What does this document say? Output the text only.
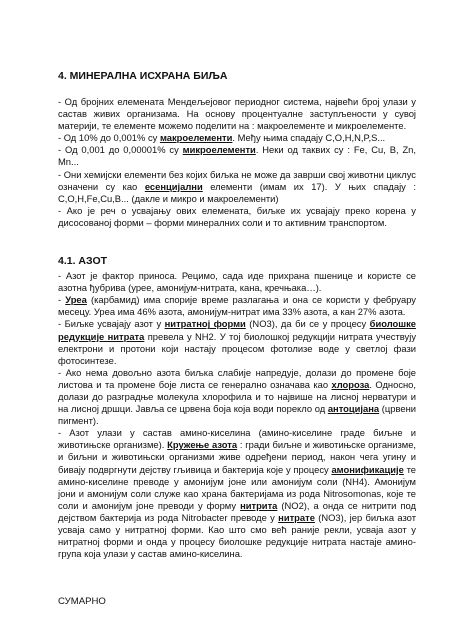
4. МИНЕРАЛНА ИСХРАНА БИЉА
- Од бројних елемената Мендељејовог периодног система, највећи број улази у састав живих организама. На основу процентуалне заступљености у сувој материји, те елементе можемо поделити на : макроелементе и микроелементе.
- Од 10% до 0,001% су макроелементи. Међу њима спадају С,О,Н,N,P,S...
- Од 0,001 до 0,00001% су микроелементи. Неки од таквих су : Fe, Cu, B, Zn, Mn...
- Они хемијски елементи без којих биљка не може да заврши свој животни циклус означени су као есенцијални елементи (имам их 17). У њих спадају : С,О,Н,Fe,Cu,B... (дакле и микро и макроелементи)
- Ако је реч о усвајању ових елемената, биљке их усвајају преко корена у дисосованој форми – форми минералних соли и то активним транспортом.
4.1. АЗОТ
- Азот је фактор приноса. Рецимо, сада иде прихрана пшенице и користе се азотна ђубрива (урее, амонијум-нитрата, кана, кречњака…).
- Уреа (карбамид) има спорије време разлагања и она се користи у фебруару месецу. Уреа има 46% азота, амонијум-нитрат има 33% азота, а кан 27% азота.
- Биљке усвајају азот у нитратној форми (NO3), да би се у процесу биолошке редукције нитрата превела у NH2. У тој биолошкој редукцији нитрата учествују електрони и протони који настају процесом фотолизе воде у светлој фази фотосинтезе.
- Ако нема довољно азота биљка слабије напредује, долази до промене боје листова и та промене боје листа се генерално означава као хлороза. Односно, долази до разградње молекула хлорофила и то највише на лисној нерватури и на лисној дршци. Јавља се црвена боја која води порекло од антоцијана (црвени пигмент).
- Азот улази у састав амино-киселина (амино-киселине граде биљне и животињске организме). Кружење азота : гради биљне и животињске организме, и биљни и животињски организми живе одређени период, након чега угину и бивају подвргнути дејству гљивица и бактерија које у процесу амонификације те амино-киселине преводе у амонијум јоне или амонијум соли (NH4). Амонијум јони и амонијум соли служе као храна бактеријама из рода Nitrosomonas, које те соли и амонијум јоне преводи у форму нитрита (NO2), а онда се нитрити под дејством бактерија из рода Nitrobacter преводе у нитрате (NO3), јер биљка азот усваја само у нитратној форми. Као што смо већ раније рекли, усваја азот у нитратној форми и онда у процесу биолошке редукције нитрата настаје амино-група која улази у састав амино-киселина.
СУМАРНО
